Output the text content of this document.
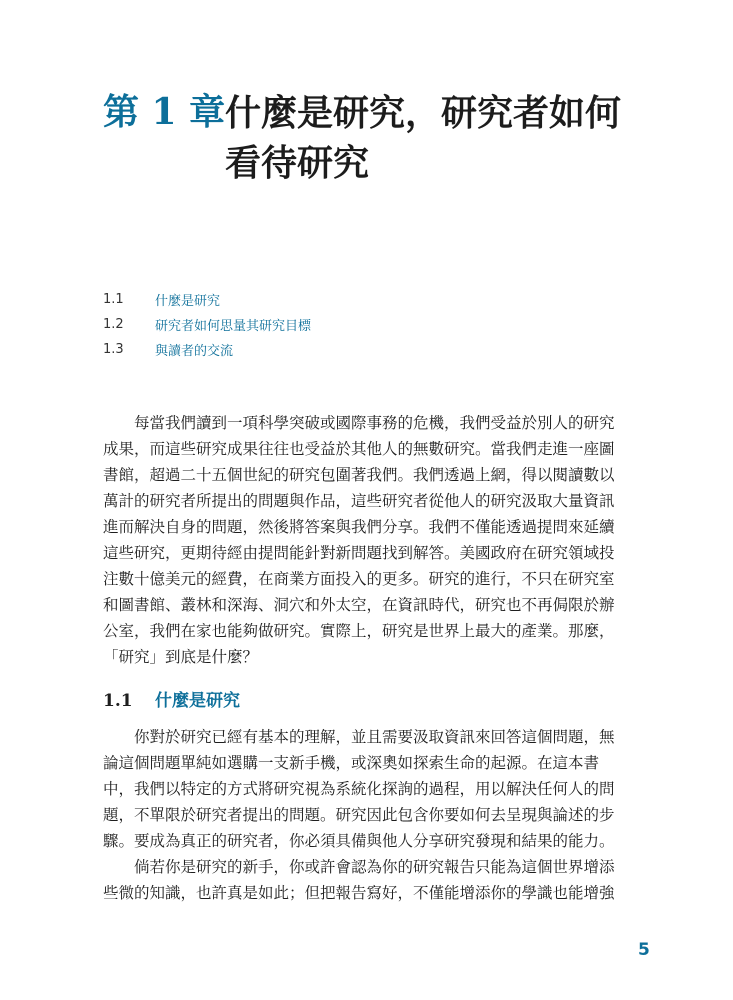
第 1 章 什麼是研究，研究者如何看待研究
1.1	什麼是研究
1.2	研究者如何思量其研究目標
1.3	與讀者的交流

　　每當我們讀到一項科學突破或國際事務的危機，我們受益於別人的研究
成果，而這些研究成果往往也受益於其他人的無數研究。當我們走進一座圖
書館，超過二十五個世紀的研究包圍著我們。我們透過上網，得以閱讀數以
萬計的研究者所提出的問題與作品，這些研究者從他人的研究汲取大量資訊
進而解決自身的問題，然後將答案與我們分享。我們不僅能透過提問來延續
這些研究，更期待經由提問能針對新問題找到解答。美國政府在研究領域投
注數十億美元的經費，在商業方面投入的更多。研究的進行，不只在研究室
和圖書館、叢林和深海、洞穴和外太空，在資訊時代，研究也不再侷限於辦
公室，我們在家也能夠做研究。實際上，研究是世界上最大的產業。那麼，
「研究」到底是什麼？

1.1	什麼是研究

　　你對於研究已經有基本的理解，並且需要汲取資訊來回答這個問題，無
論這個問題單純如選購一支新手機，或深奧如探索生命的起源。在這本書
中，我們以特定的方式將研究視為系統化探詢的過程，用以解決任何人的問
題，不單限於研究者提出的問題。研究因此包含你要如何去呈現與論述的步
驟。要成為真正的研究者，你必須具備與他人分享研究發現和結果的能力。
　　倘若你是研究的新手，你或許會認為你的研究報告只能為這個世界增添
些微的知識，也許真是如此；但把報告寫好，不僅能增添你的學識也能增強

5
